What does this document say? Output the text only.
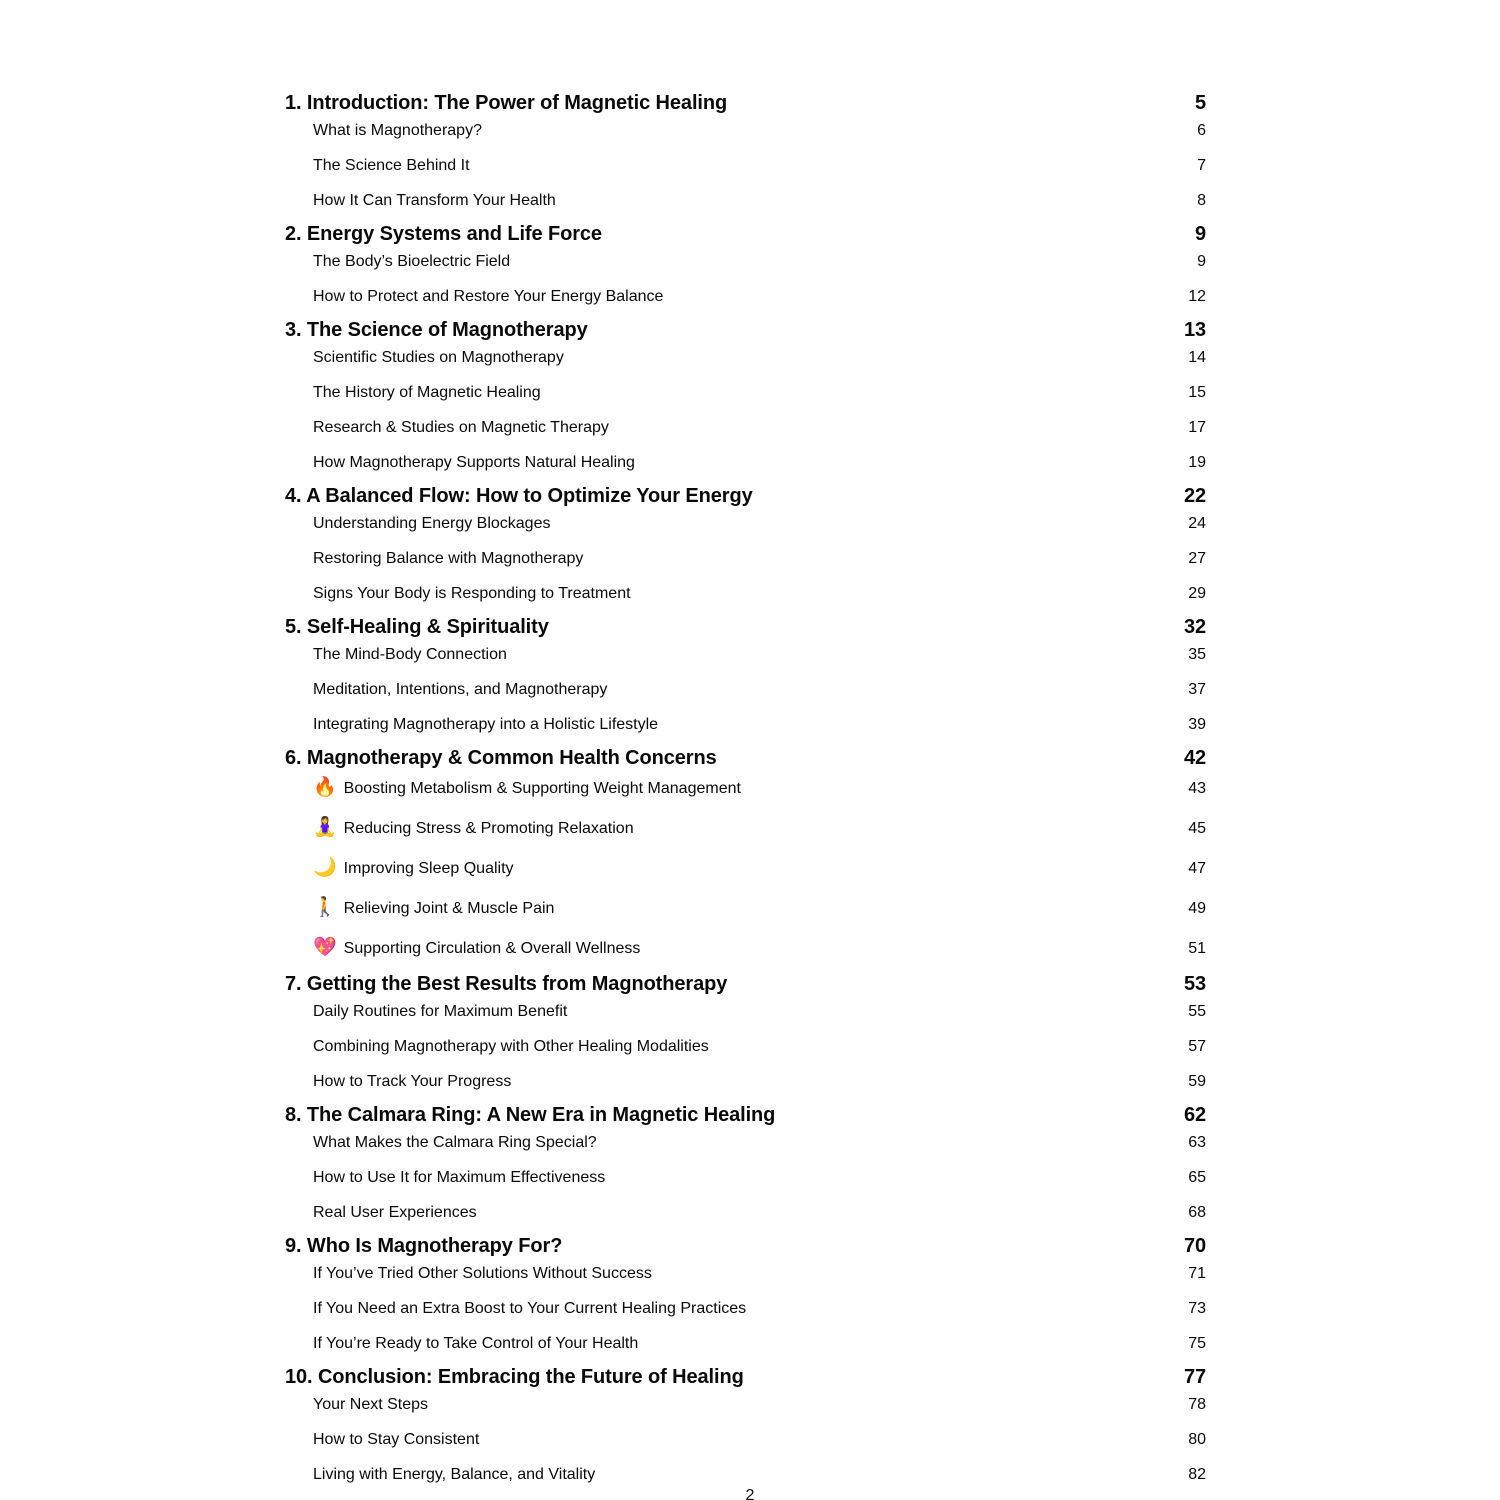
1. Introduction: The Power of Magnetic Healing	5
What is Magnotherapy?	6
The Science Behind It	7
How It Can Transform Your Health	8
2. Energy Systems and Life Force	9
The Body’s Bioelectric Field	9
How to Protect and Restore Your Energy Balance	12
3. The Science of Magnotherapy	13
Scientific Studies on Magnotherapy	14
The History of Magnetic Healing	15
Research & Studies on Magnetic Therapy	17
How Magnotherapy Supports Natural Healing	19
4. A Balanced Flow: How to Optimize Your Energy	22
Understanding Energy Blockages	24
Restoring Balance with Magnotherapy	27
Signs Your Body is Responding to Treatment	29
5. Self-Healing & Spirituality	32
The Mind-Body Connection	35
Meditation, Intentions, and Magnotherapy	37
Integrating Magnotherapy into a Holistic Lifestyle	39
6. Magnotherapy & Common Health Concerns	42
🔥 Boosting Metabolism & Supporting Weight Management	43
🧘‍♀️ Reducing Stress & Promoting Relaxation	45
🌙 Improving Sleep Quality	47
🚶 Relieving Joint & Muscle Pain	49
💖 Supporting Circulation & Overall Wellness	51
7. Getting the Best Results from Magnotherapy	53
Daily Routines for Maximum Benefit	55
Combining Magnotherapy with Other Healing Modalities	57
How to Track Your Progress	59
8. The Calmara Ring: A New Era in Magnetic Healing	62
What Makes the Calmara Ring Special?	63
How to Use It for Maximum Effectiveness	65
Real User Experiences	68
9. Who Is Magnotherapy For?	70
If You’ve Tried Other Solutions Without Success	71
If You Need an Extra Boost to Your Current Healing Practices	73
If You’re Ready to Take Control of Your Health	75
10. Conclusion: Embracing the Future of Healing	77
Your Next Steps	78
How to Stay Consistent	80
Living with Energy, Balance, and Vitality	82
2
